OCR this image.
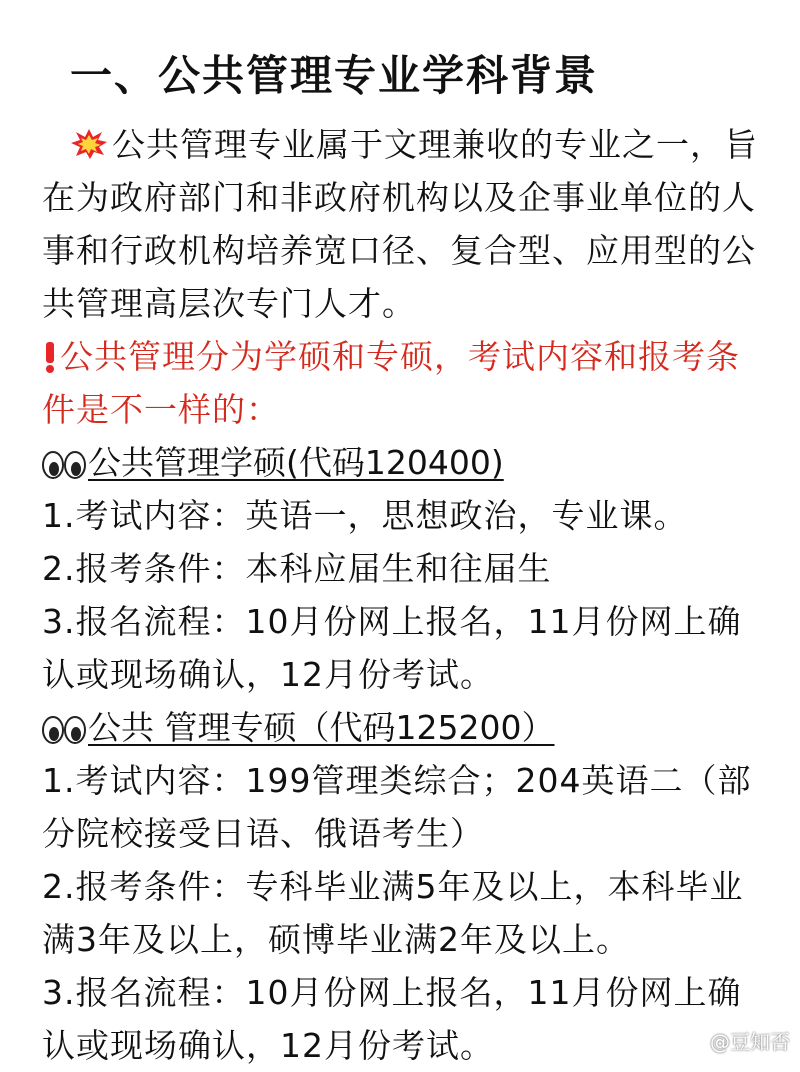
一、公共管理专业学科背景

公共管理专业属于文理兼收的专业之一，旨在为政府部门和非政府机构以及企事业单位的人事和行政机构培养宽口径、复合型、应用型的公共管理高层次专门人才。

公共管理分为学硕和专硕，考试内容和报考条件是不一样的：

公共管理学硕(代码120400)

1.考试内容：英语一，思想政治，专业课。

2.报考条件：本科应届生和往届生

3.报名流程：10月份网上报名，11月份网上确认或现场确认，12月份考试。

公共 管理专硕（代码125200）

1.考试内容：199管理类综合；204英语二（部分院校接受日语、俄语考生）

2.报考条件：专科毕业满5年及以上，本科毕业满3年及以上，硕博毕业满2年及以上。

3.报名流程：10月份网上报名，11月份网上确认或现场确认，12月份考试。	@豆知否
